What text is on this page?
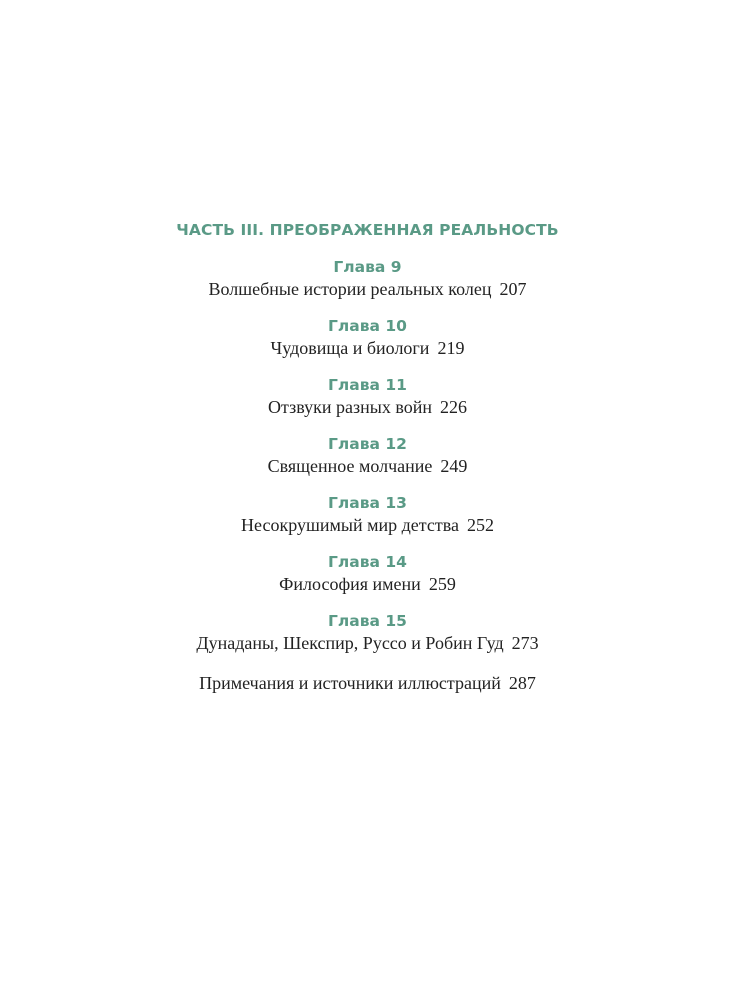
ЧАСТЬ III. ПРЕОБРАЖЕННАЯ РЕАЛЬНОСТЬ
Глава 9
Волшебные истории реальных колец 207
Глава 10
Чудовища и биологи 219
Глава 11
Отзвуки разных войн 226
Глава 12
Священное молчание 249
Глава 13
Несокрушимый мир детства 252
Глава 14
Философия имени 259
Глава 15
Дунаданы, Шекспир, Руссо и Робин Гуд 273
Примечания и источники иллюстраций 287
